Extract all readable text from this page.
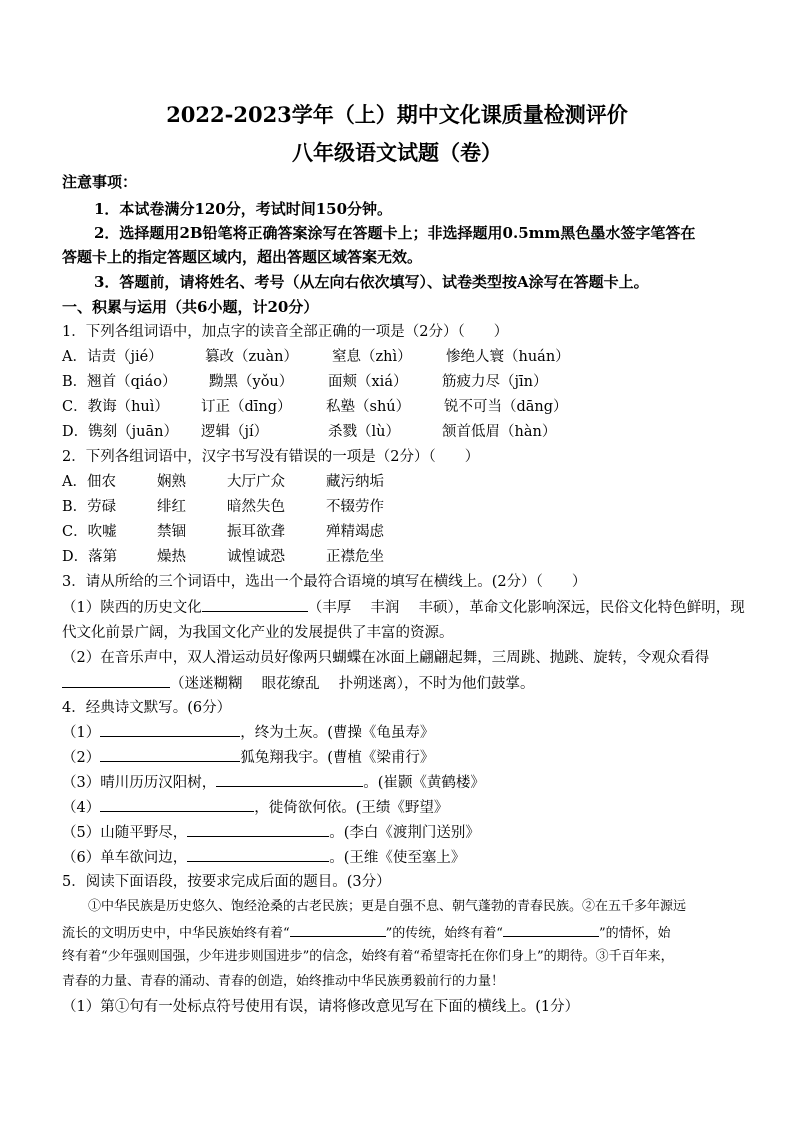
2022-2023学年（上）期中文化课质量检测评价
八年级语文试题（卷）
注意事项：
1．本试卷满分120分，考试时间150分钟。
2．选择题用2B铅笔将正确答案涂写在答题卡上；非选择题用0.5mm黑色墨水签字笔答在
答题卡上的指定答题区域内，超出答题区域答案无效。
3．答题前，请将姓名、考号（从左向右依次填写）、试卷类型按A涂写在答题卡上。
一、积累与运用（共6小题，计20分）
1．下列各组词语中，加点字的读音全部正确的一项是（2分）（　　）
A．诘责（jié）	篡改（zuàn） 窒息（zhì） 惨绝人寰（huán）
B．翘首（qiáo） 黝黑（yǒu） 面颊（xiá） 筋疲力尽（jīn）
C．教诲（huì） 订正（dīng） 私塾（shú） 锐不可当（dāng）
D．镌刻（juān） 逻辑（jí）	杀戮（lù）	颔首低眉（hàn）
2．下列各组词语中，汉字书写没有错误的一项是（2分）（　　）
A．佃农	娴熟	大厅广众	藏污纳垢
B．劳碌	绯红	暗然失色	不辍劳作
C．吹嘘	禁锢	振耳欲聋	殚精竭虑
D．落第	燥热	诚惶诚恐	正襟危坐
3．请从所给的三个词语中，选出一个最符合语境的填写在横线上。(2分）（　　）
（1）陕西的历史文化	（丰厚　 丰润　 丰硕），革命文化影响深远，民俗文化特色鲜明，现
代文化前景广阔，为我国文化产业的发展提供了丰富的资源。
（2）在音乐声中，双人滑运动员好像两只蝴蝶在冰面上翩翩起舞，三周跳、抛跳、旋转，令观众看得
（迷迷糊糊　 眼花缭乱　 扑朔迷离），不时为他们鼓掌。
4．经典诗文默写。(6分）
（1）	，终为土灰。(曹操《龟虽寿》
（2）	狐兔翔我宇。(曹植《梁甫行》
（3）晴川历历汉阳树，	。(崔颢《黄鹤楼》
（4）	，徙倚欲何依。(王绩《野望》
（5）山随平野尽，	。(李白《渡荆门送别》
（6）单车欲问边，	。(王维《使至塞上》
5．阅读下面语段，按要求完成后面的题目。(3分）
①中华民族是历史悠久、饱经沧桑的古老民族；更是自强不息、朝气蓬勃的青春民族。②在五千多年源远
流长的文明历史中，中华民族始终有着“	”的传统，始终有着“	”的情怀，始
终有着“少年强则国强，少年进步则国进步”的信念，始终有着“希望寄托在你们身上”的期待。③千百年来，
青春的力量、青春的涌动、青春的创造，始终推动中华民族勇毅前行的力量！
（1）第①句有一处标点符号使用有误，请将修改意见写在下面的横线上。(1分）
